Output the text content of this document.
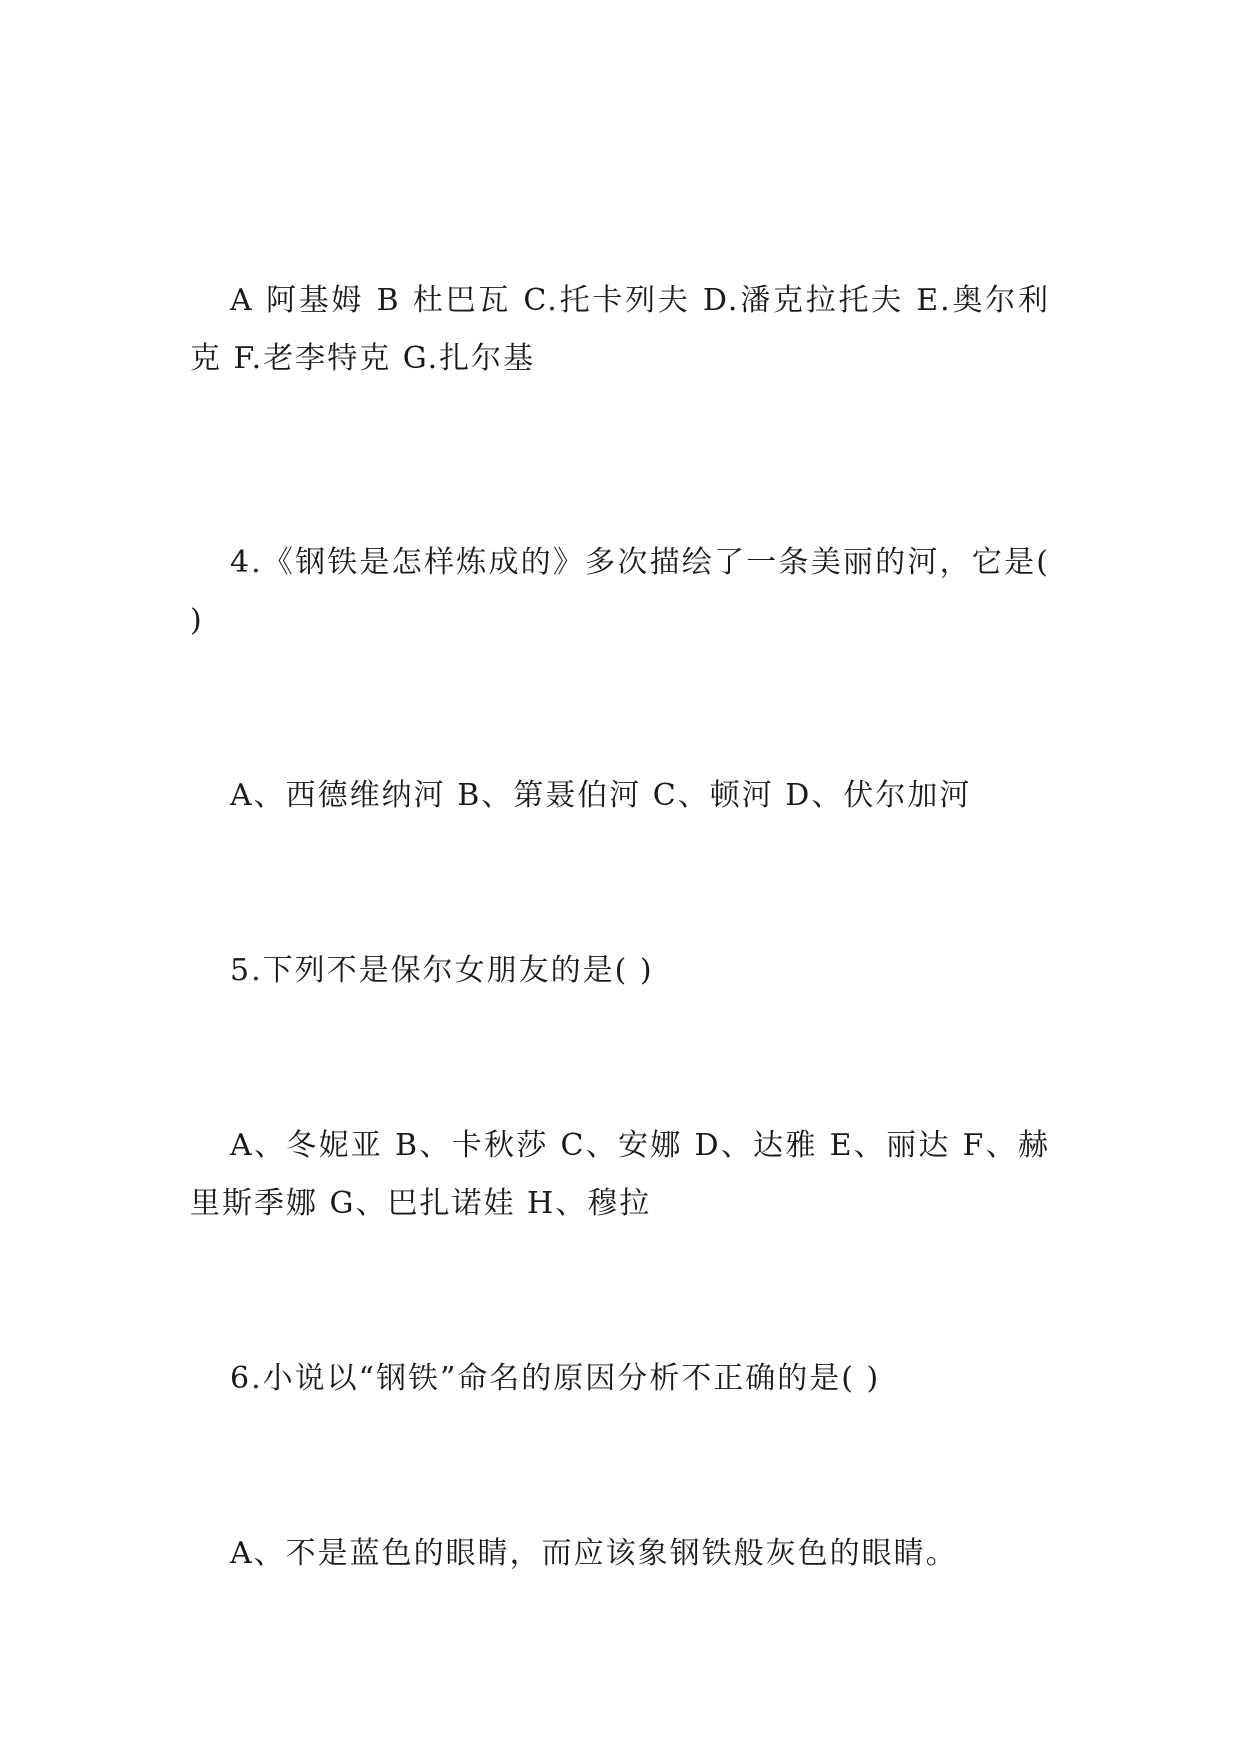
A 阿基姆 B 杜巴瓦 C.托卡列夫 D.潘克拉托夫 E.奥尔利克 F.老李特克 G.扎尔基

4.《钢铁是怎样炼成的》多次描绘了一条美丽的河，它是( )

A、西德维纳河 B、第聂伯河 C、顿河 D、伏尔加河

5.下列不是保尔女朋友的是( )

A、冬妮亚 B、卡秋莎 C、安娜 D、达雅 E、丽达 F、赫里斯季娜 G、巴扎诺娃 H、穆拉

6.小说以“钢铁”命名的原因分析不正确的是( )

A、不是蓝色的眼睛，而应该象钢铁般灰色的眼睛。
